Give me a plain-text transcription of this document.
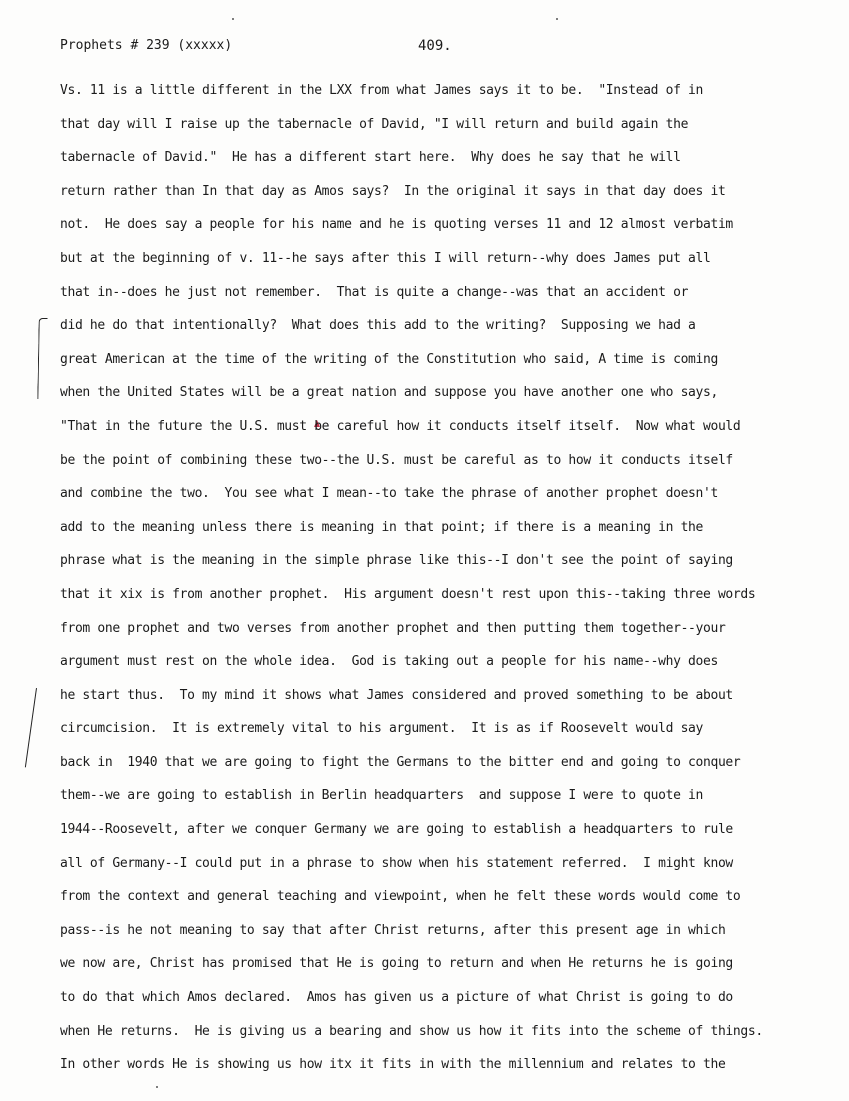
Prophets # 239 (xxxxx)	409.
Vs. 11 is a little different in the LXX from what James says it to be.  "Instead of in
that day will I raise up the tabernacle of David, "I will return and build again the
tabernacle of David."  He has a different start here.  Why does he say that he will
return rather than In that day as Amos says?  In the original it says in that day does it
not.  He does say a people for his name and he is quoting verses 11 and 12 almost verbatim
but at the beginning of v. 11--he says after this I will return--why does James put all
that in--does he just not remember.  That is quite a change--was that an accident or
did he do that intentionally?  What does this add to the writing?  Supposing we had a
great American at the time of the writing of the Constitution who said, A time is coming
when the United States will be a great nation and suppose you have another one who says,
"That in the future the U.S. must be careful how it conducts itself itself.  Now what would
be the point of combining these two--the U.S. must be careful as to how it conducts itself
and combine the two.  You see what I mean--to take the phrase of another prophet doesn't
add to the meaning unless there is meaning in that point; if there is a meaning in the
phrase what is the meaning in the simple phrase like this--I don't see the point of saying
that it xix is from another prophet.  His argument doesn't rest upon this--taking three words
from one prophet and two verses from another prophet and then putting them together--your
argument must rest on the whole idea.  God is taking out a people for his name--why does
he start thus.  To my mind it shows what James considered and proved something to be about
circumcision.  It is extremely vital to his argument.  It is as if Roosevelt would say
back in  1940 that we are going to fight the Germans to the bitter end and going to conquer
them--we are going to establish in Berlin headquarters  and suppose I were to quote in
1944--Roosevelt, after we conquer Germany we are going to establish a headquarters to rule
all of Germany--I could put in a phrase to show when his statement referred.  I might know
from the context and general teaching and viewpoint, when he felt these words would come to
pass--is he not meaning to say that after Christ returns, after this present age in which
we now are, Christ has promised that He is going to return and when He returns he is going
to do that which Amos declared.  Amos has given us a picture of what Christ is going to do
when He returns.  He is giving us a bearing and show us how it fits into the scheme of things.
In other words He is showing us how itx it fits in with the millennium and relates to the
